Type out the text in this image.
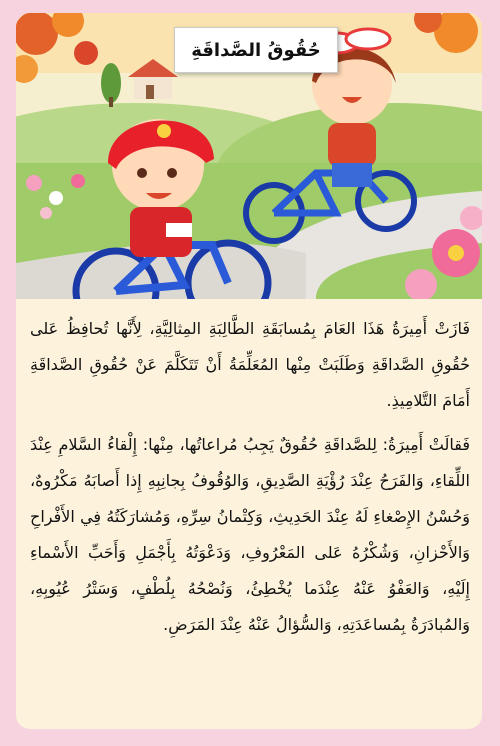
حُقُوقُ الصَّداقَةِ

فَازَتْ أَمِيرَةُ هَذَا العَامَ بِمُسابَقَةِ الطَّالِبَةِ المِثالِيَّةِ، لِأَنَّها تُحافِظُ عَلى حُقُوقِ الصَّداقَةِ وَطَلَبَتْ مِنْها المُعَلِّمَةُ أَنْ تَتَكَلَّمَ عَنْ حُقُوقِ الصَّداقَةِ أَمَامَ التَّلامِيذِ.

فَقالَتْ أَمِيرَةُ: لِلصَّداقَةِ حُقُوقٌ يَجِبُ مُراعاتُها، مِنْها: إِلْقاءُ السَّلامِ عِنْدَ اللِّقاءِ، وَالفَرَحُ عِنْدَ رُؤْيَةِ الصَّدِيقِ، وَالوُقُوفُ بِجانِبِهِ إِذا أَصابَهُ مَكْرُوهٌ، وَحُسْنُ الإِصْغاءِ لَهُ عِنْدَ الحَدِيثِ، وَكِتْمانُ سِرِّهِ، وَمُشارَكَتُهُ فِي الأَفْراحِ وَالأَحْزانِ، وَشُكْرُهُ عَلى المَعْرُوفِ، وَدَعْوَتُهُ بِأَجْمَلِ وَأَحَبِّ الأَسْماءِ إِلَيْهِ، وَالعَفْوُ عَنْهُ عِنْدَما يُخْطِئُ، وَنُصْحُهُ بِلُطْفٍ، وَسَتْرُ عُيُوبِهِ، وَالمُبادَرَةُ بِمُساعَدَتِهِ، وَالسُّؤالُ عَنْهُ عِنْدَ المَرَضِ.
